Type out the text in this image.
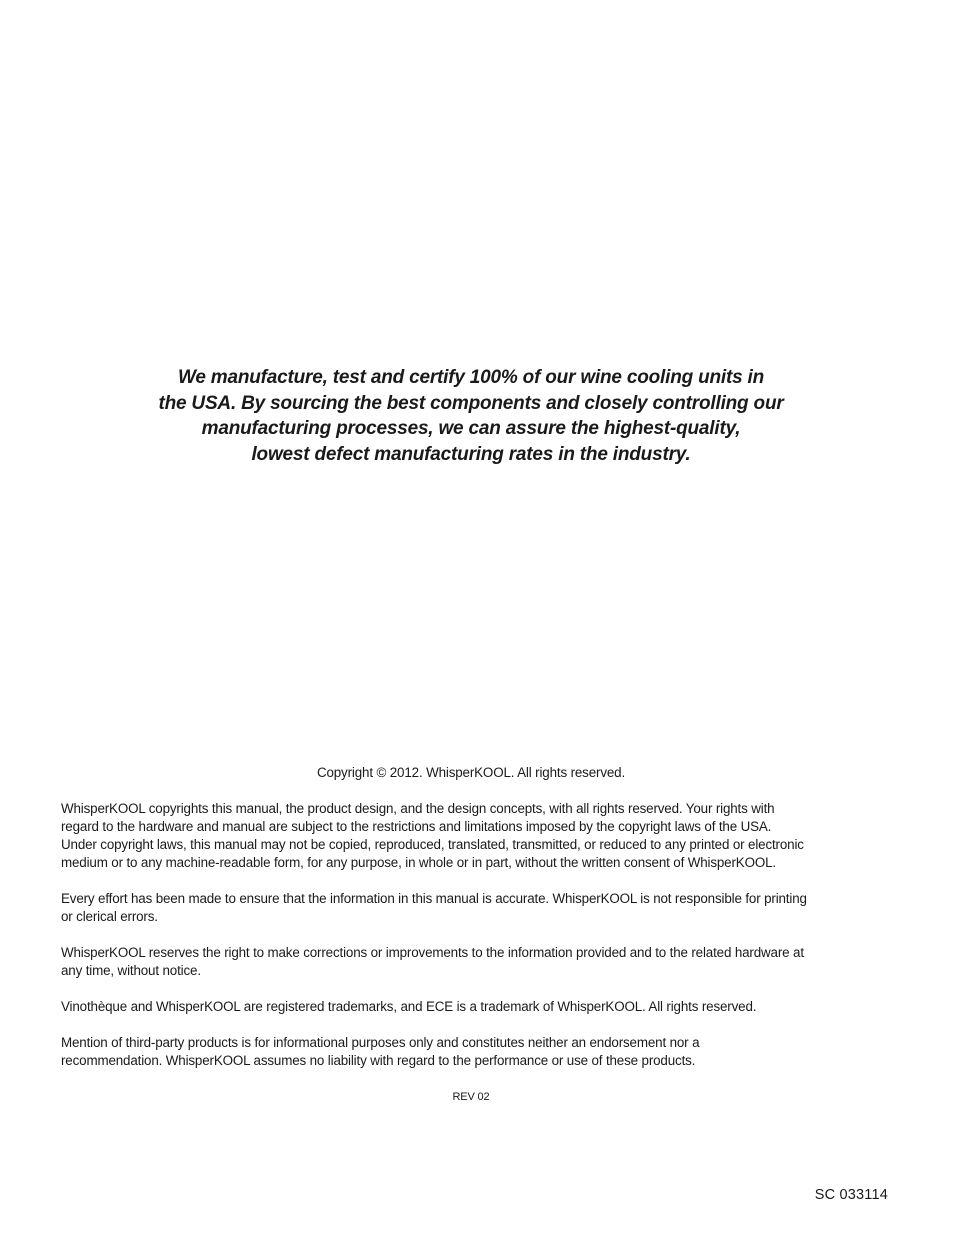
We manufacture, test and certify 100% of our wine cooling units in
the USA. By sourcing the best components and closely controlling our
manufacturing processes, we can assure the highest-quality,
lowest defect manufacturing rates in the industry.
Copyright © 2012. WhisperKOOL. All rights reserved.

WhisperKOOL copyrights this manual, the product design, and the design concepts, with all rights reserved. Your rights with
regard to the hardware and manual are subject to the restrictions and limitations imposed by the copyright laws of the USA.
Under copyright laws, this manual may not be copied, reproduced, translated, transmitted, or reduced to any printed or electronic
medium or to any machine-readable form, for any purpose, in whole or in part, without the written consent of WhisperKOOL.

Every effort has been made to ensure that the information in this manual is accurate. WhisperKOOL is not responsible for printing
or clerical errors.

WhisperKOOL reserves the right to make corrections or improvements to the information provided and to the related hardware at
any time, without notice.

Vinothèque and WhisperKOOL are registered trademarks, and ECE is a trademark of WhisperKOOL. All rights reserved.

Mention of third-party products is for informational purposes only and constitutes neither an endorsement nor a
recommendation. WhisperKOOL assumes no liability with regard to the performance or use of these products.

REV 02
SC 033114
